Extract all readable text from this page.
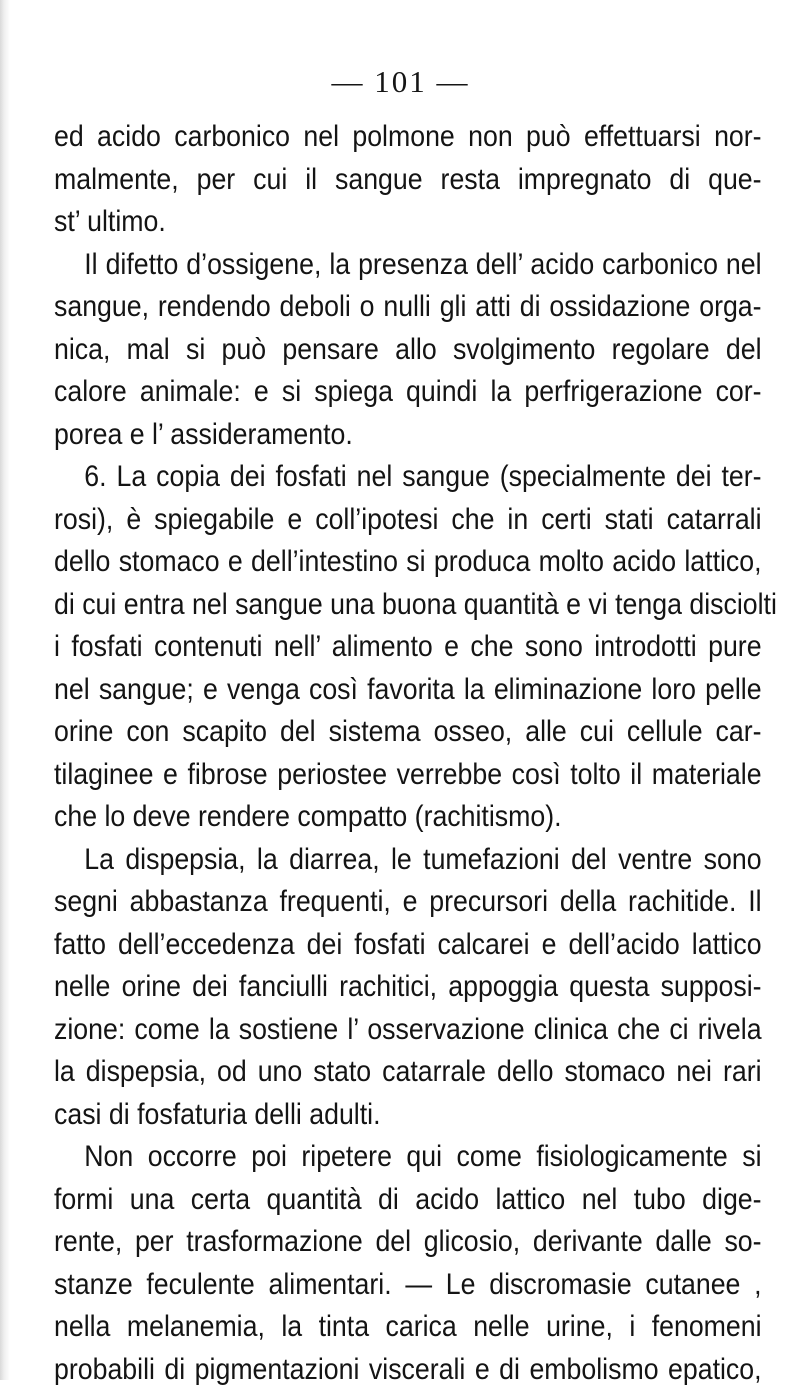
— 101 —
ed acido carbonico nel polmone non può effettuarsi nor-
malmente, per cui il sangue resta impregnato di que-
st’ ultimo.
Il difetto d’ossigene, la presenza dell’ acido carbonico nel
sangue, rendendo deboli o nulli gli atti di ossidazione orga-
nica, mal si può pensare allo svolgimento regolare del
calore animale: e si spiega quindi la perfrigerazione cor-
porea e l’ assideramento.
6. La copia dei fosfati nel sangue (specialmente dei ter-
rosi), è spiegabile e coll’ipotesi che in certi stati catarrali
dello stomaco e dell’intestino si produca molto acido lattico,
di cui entra nel sangue una buona quantità e vi tenga disciolti
i fosfati contenuti nell’ alimento e che sono introdotti pure
nel sangue; e venga così favorita la eliminazione loro pelle
orine con scapito del sistema osseo, alle cui cellule car-
tilaginee e fibrose periostee verrebbe così tolto il materiale
che lo deve rendere compatto (rachitismo).
La dispepsia, la diarrea, le tumefazioni del ventre sono
segni abbastanza frequenti, e precursori della rachitide. Il
fatto dell’eccedenza dei fosfati calcarei e dell’acido lattico
nelle orine dei fanciulli rachitici, appoggia questa supposi-
zione: come la sostiene l’ osservazione clinica che ci rivela
la dispepsia, od uno stato catarrale dello stomaco nei rari
casi di fosfaturia delli adulti.
Non occorre poi ripetere qui come fisiologicamente si
formi una certa quantità di acido lattico nel tubo dige-
rente, per trasformazione del glicosio, derivante dalle so-
stanze feculente alimentari. — Le discromasie cutanee ,
nella melanemia, la tinta carica nelle urine, i fenomeni
probabili di pigmentazioni viscerali e di embolismo epatico,
